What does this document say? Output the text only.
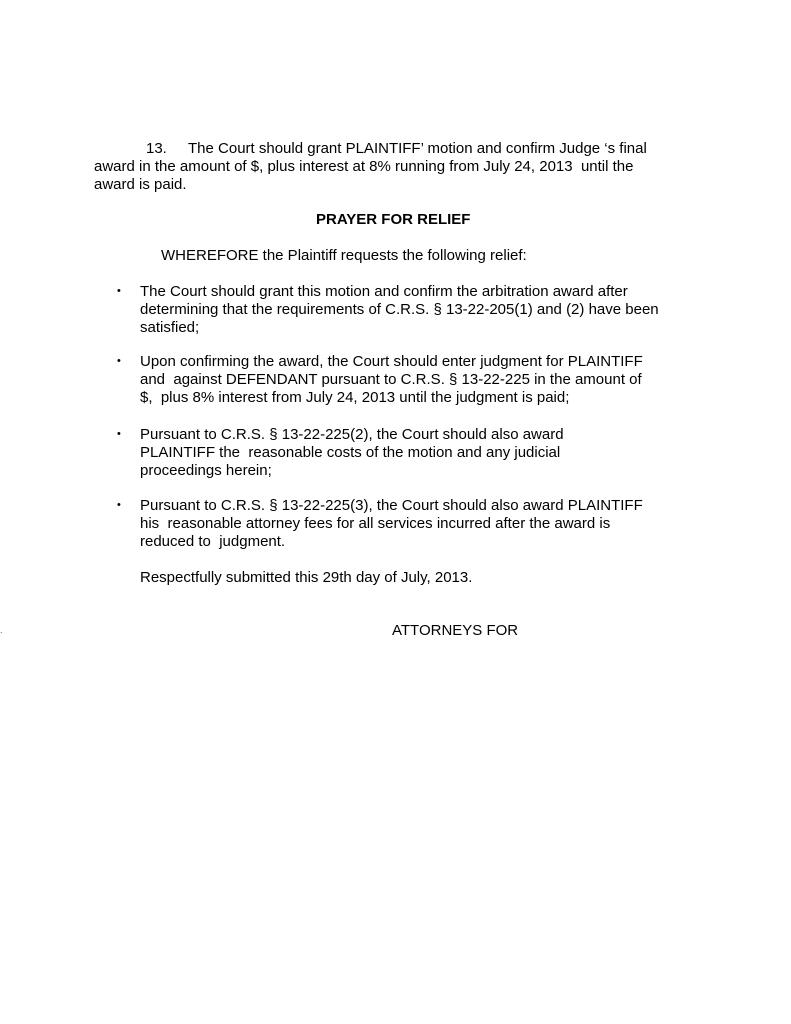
13. The Court should grant PLAINTIFF’ motion and confirm Judge ‘s final
award in the amount of $, plus interest at 8% running from July 24, 2013  until the
award is paid.
PRAYER FOR RELIEF
WHEREFORE the Plaintiff requests the following relief:
• The Court should grant this motion and confirm the arbitration award after
determining that the requirements of C.R.S. § 13-22-205(1) and (2) have been
satisfied;
• Upon confirming the award, the Court should enter judgment for PLAINTIFF
and  against DEFENDANT pursuant to C.R.S. § 13-22-225 in the amount of
$,  plus 8% interest from July 24, 2013 until the judgment is paid;
• Pursuant to C.R.S. § 13-22-225(2), the Court should also award
PLAINTIFF the  reasonable costs of the motion and any judicial
proceedings herein;
• Pursuant to C.R.S. § 13-22-225(3), the Court should also award PLAINTIFF
his  reasonable attorney fees for all services incurred after the award is
reduced to  judgment.
Respectfully submitted this 29th day of July, 2013.
.	ATTORNEYS FOR
